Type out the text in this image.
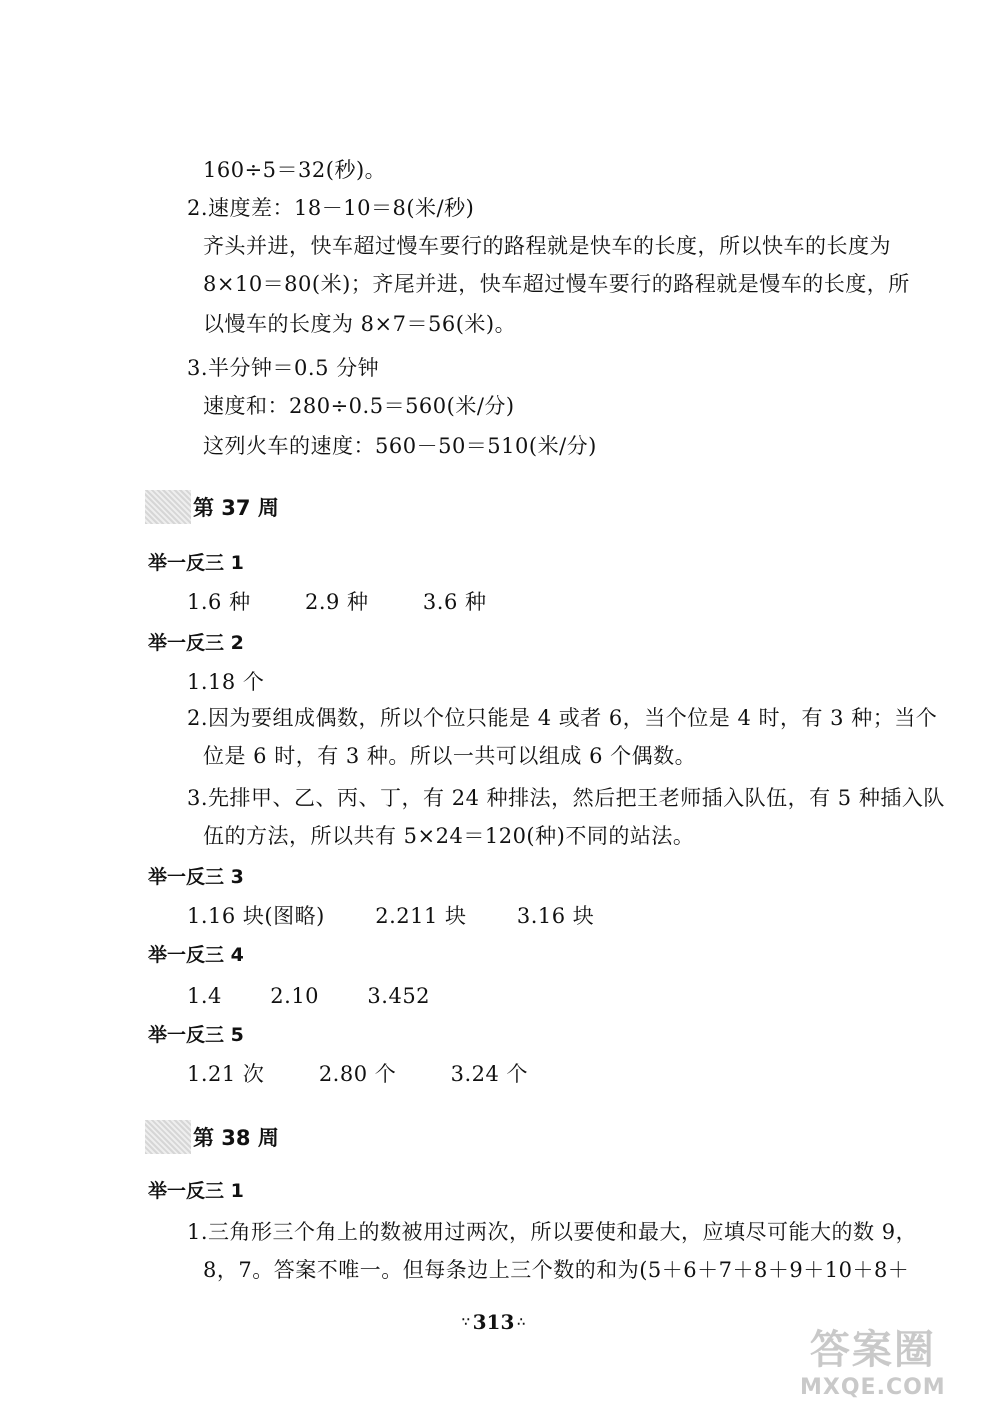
160÷5＝32(秒)。
2.速度差：18－10＝8(米/秒)
齐头并进，快车超过慢车要行的路程就是快车的长度，所以快车的长度为
8×10＝80(米)；齐尾并进，快车超过慢车要行的路程就是慢车的长度，所
以慢车的长度为 8×7＝56(米)。
3.半分钟＝0.5 分钟
速度和：280÷0.5＝560(米/分)
这列火车的速度：560－50＝510(米/分)
第 37 周
举一反三 1
1.6 种	2.9 种	3.6 种
举一反三 2
1.18 个
2.因为要组成偶数，所以个位只能是 4 或者 6，当个位是 4 时，有 3 种；当个
位是 6 时，有 3 种。所以一共可以组成 6 个偶数。
3.先排甲、乙、丙、丁，有 24 种排法，然后把王老师插入队伍，有 5 种插入队
伍的方法，所以共有 5×24＝120(种)不同的站法。
举一反三 3
1.16 块(图略) 2.211 块 3.16 块
举一反三 4
1.4 2.10 3.452
举一反三 5
1.21 次	2.80 个	3.24 个
第 38 周
举一反三 1
1.三角形三个角上的数被用过两次，所以要使和最大，应填尽可能大的数 9，
8，7。答案不唯一。但每条边上三个数的和为(5＋6＋7＋8＋9＋10＋8＋
∵ 313 ∴
答案圈
MXQE.COM
